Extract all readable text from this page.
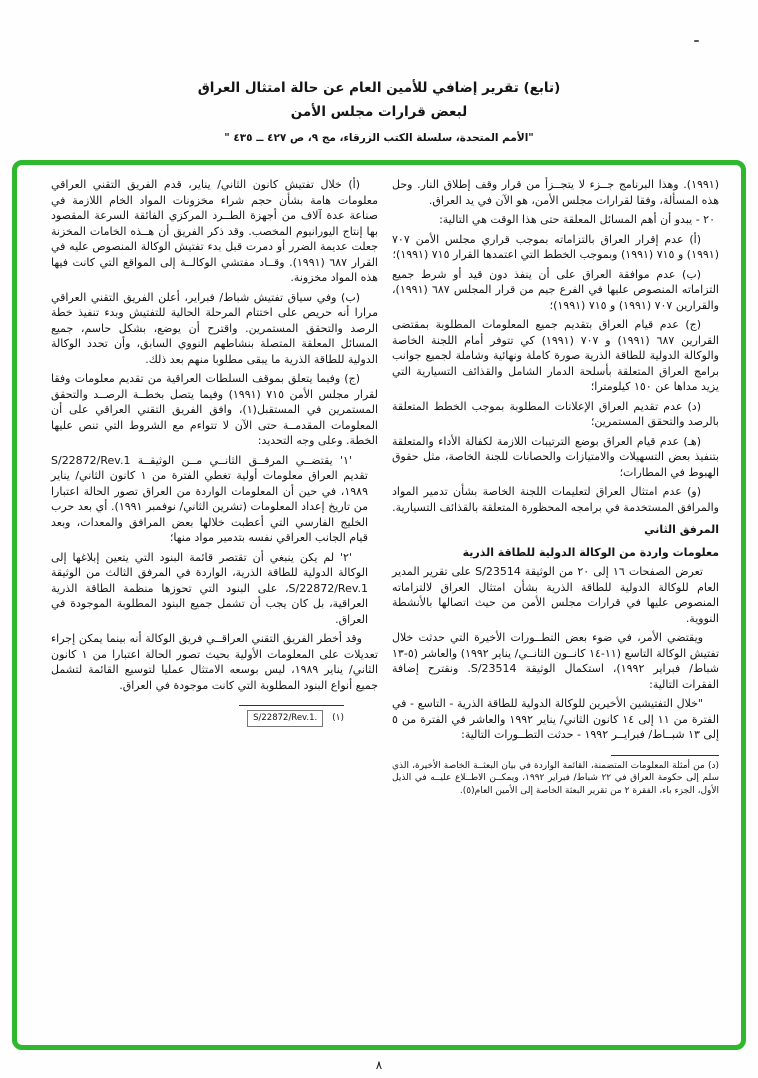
(تابع) تقرير إضافي للأمين العام عن حالة امتثال العراق
لبعض قرارات مجلس الأمن
"الأمم المتحدة، سلسلة الكتب الزرقاء، مج ٩، ص ٤٢٧ ــ ٤٣٥ "

(١٩٩١). وهذا البرنامج جــزء لا يتجــزأ من قرار وقف إطلاق النار. وحل هذه المسألة، وفقا لقرارات مجلس الأمن، هو الآن في يد العراق.

٢٠ - يبدو أن أهم المسائل المعلقة حتى هذا الوقت هي التالية:

(أ) عدم إقرار العراق بالتزاماته بموجب قراري مجلس الأمن ٧٠٧ (١٩٩١) و ٧١٥ (١٩٩١) وبموجب الخطط التي اعتمدها القرار ٧١٥ (١٩٩١)؛

(ب) عدم موافقة العراق على أن ينفذ دون قيد أو شرط جميع التزاماته المنصوص عليها في الفرع جيم من قرار المجلس ٦٨٧ (١٩٩١)، والقرارين ٧٠٧ (١٩٩١) و ٧١٥ (١٩٩١)؛

(ج) عدم قيام العراق بتقديم جميع المعلومات المطلوبة بمقتضى القرارين ٦٨٧ (١٩٩١) و ٧٠٧ (١٩٩١) كي تتوفر أمام اللجنة الخاصة والوكالة الدولية للطاقة الذرية صورة كاملة ونهائية وشاملة لجميع جوانب برامج العراق المتعلقة بأسلحة الدمار الشامل والقذائف التسيارية التي يزيد مداها عن ١٥٠ كيلومترا؛

(د) عدم تقديم العراق الإعلانات المطلوبة بموجب الخطط المتعلقة بالرصد والتحقق المستمرين؛

(هـ) عدم قيام العراق بوضع الترتيبات اللازمة لكفالة الأداء والمتعلقة بتنفيذ بعض التسهيلات والامتيازات والحصانات للجنة الخاصة، مثل حقوق الهبوط في المطارات؛

(و) عدم امتثال العراق لتعليمات اللجنة الخاصة بشأن تدمير المواد والمرافق المستخدمة في برامجه المحظورة المتعلقة بالقذائف التسيارية.

المرفق الثاني

معلومات واردة من الوكالة الدولية للطاقة الذرية

تعرض الصفحات ١٦ إلى ٢٠ من الوثيقة S/23514 على تقرير المدير العام للوكالة الدولية للطاقة الذرية بشأن امتثال العراق لالتزاماته المنصوص عليها في قرارات مجلس الأمن من حيث اتصالها بالأنشطة النووية.

ويقتضي الأمر، في ضوء بعض التطــورات الأخيرة التي حدثت خلال تفتيش الوكالة التاسع (١١-١٤ كانــون الثانــي/ يناير ١٩٩٢) والعاشر (٥-١٣ شباط/ فبراير ١٩٩٢)، استكمال الوثيقة S/23514. ونقترح إضافة الفقرات التالية:

"خلال التفتيشين الأخيرين للوكالة الدولية للطاقة الذرية - التاسع - في الفترة من ١١ إلى ١٤ كانون الثاني/ يناير ١٩٩٢ والعاشر في الفترة من ٥ إلى ١٣ شبــاط/ فبرايــر ١٩٩٢ - حدثت التطــورات التالية:

(د) من أمثلة المعلومات المتضمنة، القائمة الواردة في بيان البعثــة الخاصة الأخيرة، الذي سلم إلى حكومة العراق في ٢٢ شباط/ فبراير ١٩٩٢، ويمكــن الاطــلاع عليــه في الذيل الأول، الجزء باء، الفقرة ٢ من تقرير البعثة الخاصة إلى الأمين العام(٥).

(أ) خلال تفتيش كانون الثاني/ يناير، قدم الفريق التقني العراقي معلومات هامة بشأن حجم شراء مخزونات المواد الخام اللازمة في صناعة عدة آلاف من أجهزة الطــرد المركزي الفائقة السرعة المقصود بها إنتاج اليورانيوم المخصب. وقد ذكر الفريق أن هــذه الخامات المخزنة جعلت عديمة الضرر أو دمرت قبل بدء تفتيش الوكالة المنصوص عليه في القرار ٦٨٧ (١٩٩١). وقــاد مفتشي الوكالــة إلى المواقع التي كانت فيها هذه المواد مخزونة.

(ب) وفي سياق تفتيش شباط/ فبراير، أعلن الفريق التقني العراقي مرارا أنه حريص على اختتام المرحلة الحالية للتفتيش وبدء تنفيذ خطة الرصد والتحقق المستمرين. واقترح أن يوضع، بشكل حاسم، جميع المسائل المعلقة المتصلة بنشاطهم النووي السابق، وأن تحدد الوكالة الدولية للطاقة الذرية ما يبقى مطلوبا منهم بعد ذلك.

(ج) وفيما يتعلق بموقف السلطات العراقية من تقديم معلومات وفقا لقرار مجلس الأمن ٧١٥ (١٩٩١) وفيما يتصل بخطــة الرصــد والتحقق المستمرين في المستقبل(١)، وافق الفريق التقني العراقي على أن المعلومات المقدمــة حتى الآن لا تتواءم مع الشروط التي تنص عليها الخطة. وعلى وجه التحديد:

'١' يقتضــي المرفــق الثانــي مــن الوثيقــة S/22872/Rev.1 تقديم العراق معلومات أولية تغطي الفترة من ١ كانون الثاني/ يناير ١٩٨٩، في حين أن المعلومات الواردة من العراق تصور الحالة اعتبارا من تاريخ إعداد المعلومات (تشرين الثاني/ نوفمبر ١٩٩١). أي بعد حرب الخليج الفارسي التي أعطبت خلالها بعض المرافق والمعدات، وبعد قيام الجانب العراقي نفسه بتدمير مواد منها؛

'٢' لم يكن ينبغي أن تقتصر قائمة البنود التي يتعين إبلاغها إلى الوكالة الدولية للطاقة الذرية، الواردة في المرفق الثالث من الوثيقة S/22872/Rev.1، على البنود التي تحوزها منظمة الطاقة الذرية العراقية، بل كان يجب أن تشمل جميع البنود المطلوبة الموجودة في العراق.

وقد أخطر الفريق التقني العراقــي فريق الوكالة أنه بينما يمكن إجراء تعديلات على المعلومات الأولية بحيث تصور الحالة اعتبارا من ١ كانون الثاني/ يناير ١٩٨٩، ليس بوسعه الامتثال عمليا لتوسيع القائمة لتشمل جميع أنواع البنود المطلوبة التي كانت موجودة في العراق.

(١) S/22872/Rev.1.

٨
